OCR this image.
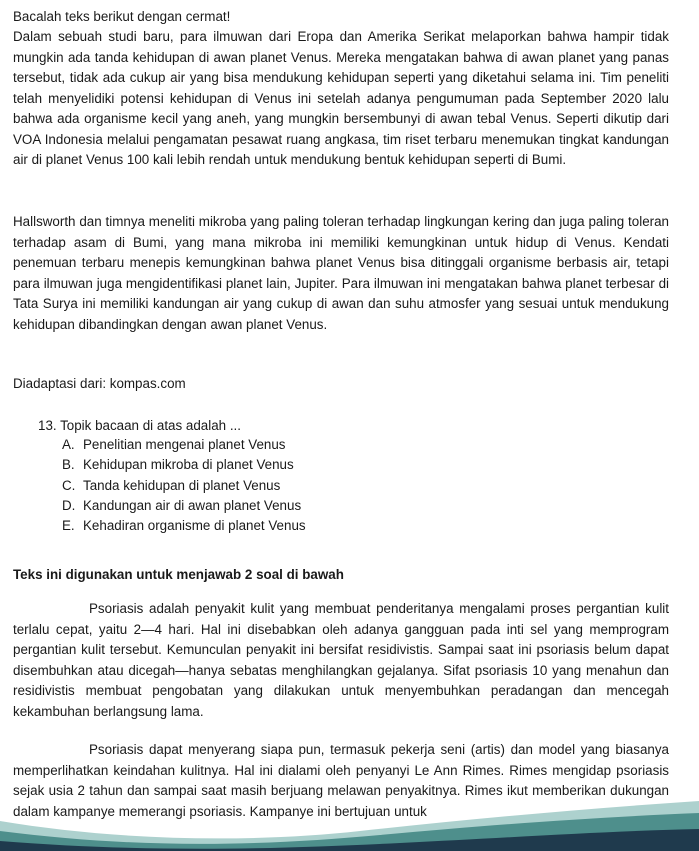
Bacalah teks berikut dengan cermat!

Dalam sebuah studi baru, para ilmuwan dari Eropa dan Amerika Serikat melaporkan bahwa hampir tidak mungkin ada tanda kehidupan di awan planet Venus. Mereka mengatakan bahwa di awan planet yang panas tersebut, tidak ada cukup air yang bisa mendukung kehidupan seperti yang diketahui selama ini. Tim peneliti telah menyelidiki potensi kehidupan di Venus ini setelah adanya pengumuman pada September 2020 lalu bahwa ada organisme kecil yang aneh, yang mungkin bersembunyi di awan tebal Venus. Seperti dikutip dari VOA Indonesia melalui pengamatan pesawat ruang angkasa, tim riset terbaru menemukan tingkat kandungan air di planet Venus 100 kali lebih rendah untuk mendukung bentuk kehidupan seperti di Bumi.

Hallsworth dan timnya meneliti mikroba yang paling toleran terhadap lingkungan kering dan juga paling toleran terhadap asam di Bumi, yang mana mikroba ini memiliki kemungkinan untuk hidup di Venus. Kendati penemuan terbaru menepis kemungkinan bahwa planet Venus bisa ditinggali organisme berbasis air, tetapi para ilmuwan juga mengidentifikasi planet lain, Jupiter. Para ilmuwan ini mengatakan bahwa planet terbesar di Tata Surya ini memiliki kandungan air yang cukup di awan dan suhu atmosfer yang sesuai untuk mendukung kehidupan dibandingkan dengan awan planet Venus.

Diadaptasi dari: kompas.com
13. Topik bacaan di atas adalah ...
A. Penelitian mengenai planet Venus
B. Kehidupan mikroba di planet Venus
C. Tanda kehidupan di planet Venus
D. Kandungan air di awan planet Venus
E. Kehadiran organisme di planet Venus
Teks ini digunakan untuk menjawab 2 soal di bawah

Psoriasis adalah penyakit kulit yang membuat penderitanya mengalami proses pergantian kulit terlalu cepat, yaitu 2—4 hari. Hal ini disebabkan oleh adanya gangguan pada inti sel yang memprogram pergantian kulit tersebut. Kemunculan penyakit ini bersifat residivistis. Sampai saat ini psoriasis belum dapat disembuhkan atau dicegah—hanya sebatas menghilangkan gejalanya. Sifat psoriasis 10 yang menahun dan residivistis membuat pengobatan yang dilakukan untuk menyembuhkan peradangan dan mencegah kekambuhan berlangsung lama.

Psoriasis dapat menyerang siapa pun, termasuk pekerja seni (artis) dan model yang biasanya memperlihatkan keindahan kulitnya. Hal ini dialami oleh penyanyi Le Ann Rimes. Rimes mengidap psoriasis sejak usia 2 tahun dan sampai saat masih berjuang melawan penyakitnya. Rimes ikut memberikan dukungan dalam kampanye memerangi psoriasis. Kampanye ini bertujuan untuk
